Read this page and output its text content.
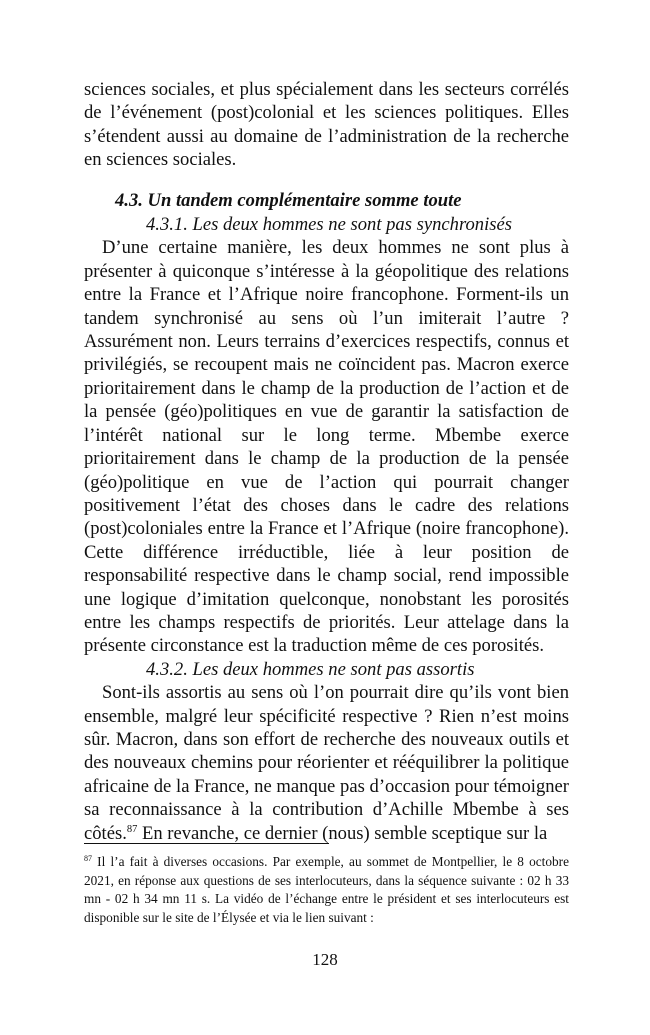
sciences sociales, et plus spécialement dans les secteurs corrélés de l’événement (post)colonial et les sciences politiques. Elles s’étendent aussi au domaine de l’administration de la recherche en sciences sociales.

4.3. Un tandem complémentaire somme toute
4.3.1. Les deux hommes ne sont pas synchronisés

D’une certaine manière, les deux hommes ne sont plus à présenter à quiconque s’intéresse à la géopolitique des relations entre la France et l’Afrique noire francophone. Forment-ils un tandem synchronisé au sens où l’un imiterait l’autre ? Assurément non. Leurs terrains d’exercices respectifs, connus et privilégiés, se recoupent mais ne coïncident pas. Macron exerce prioritairement dans le champ de la production de l’action et de la pensée (géo)politiques en vue de garantir la satisfaction de l’intérêt national sur le long terme. Mbembe exerce prioritairement dans le champ de la production de la pensée (géo)politique en vue de l’action qui pourrait changer positivement l’état des choses dans le cadre des relations (post)coloniales entre la France et l’Afrique (noire francophone). Cette différence irréductible, liée à leur position de responsabilité respective dans le champ social, rend impossible une logique d’imitation quelconque, nonobstant les porosités entre les champs respectifs de priorités. Leur attelage dans la présente circonstance est la traduction même de ces porosités.

4.3.2. Les deux hommes ne sont pas assortis

Sont-ils assortis au sens où l’on pourrait dire qu’ils vont bien ensemble, malgré leur spécificité respective ? Rien n’est moins sûr. Macron, dans son effort de recherche des nouveaux outils et des nouveaux chemins pour réorienter et rééquilibrer la politique africaine de la France, ne manque pas d’occasion pour témoigner sa reconnaissance à la contribution d’Achille Mbembe à ses côtés.$^{87}$ En revanche, ce dernier (nous) semble sceptique sur la

$^{87}$ Il l’a fait à diverses occasions. Par exemple, au sommet de Montpellier, le 8 octobre 2021, en réponse aux questions de ses interlocuteurs, dans la séquence suivante : 02 h 33 mn - 02 h 34 mn 11 s. La vidéo de l’échange entre le président et ses interlocuteurs est disponible sur le site de l’Élysée et via le lien suivant :

128
